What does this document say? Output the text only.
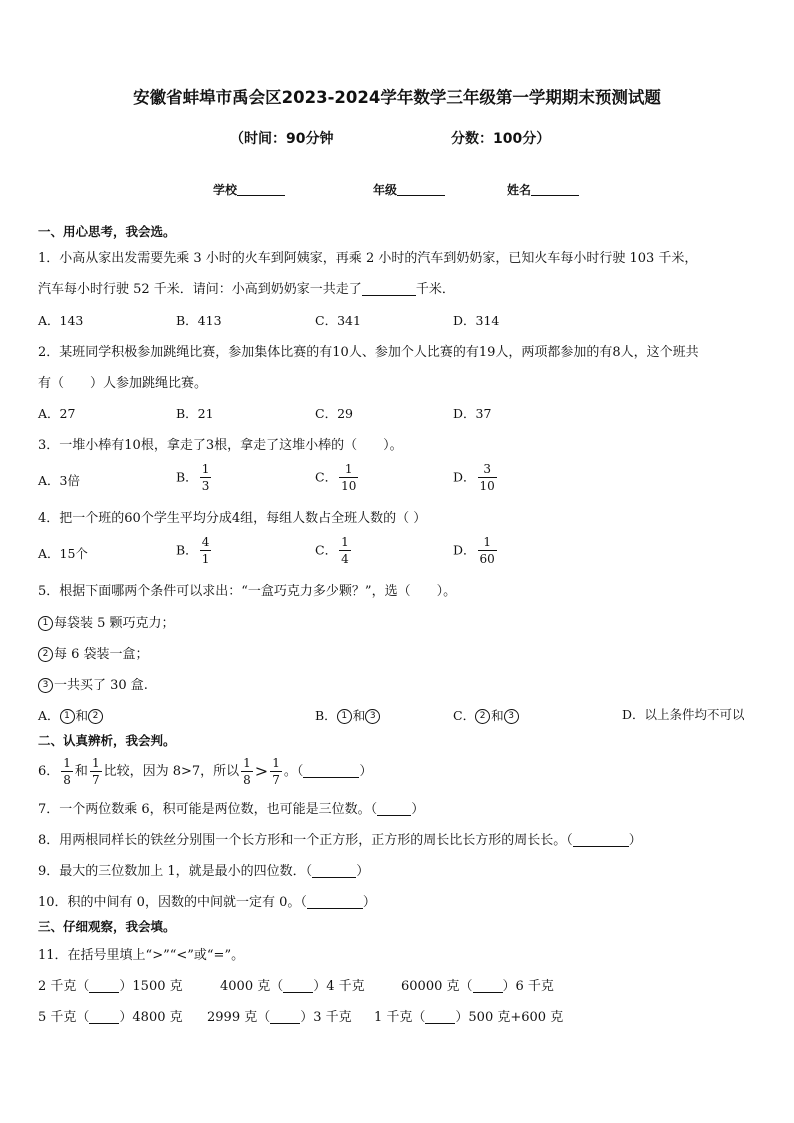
安徽省蚌埠市禹会区2023-2024学年数学三年级第一学期期末预测试题
（时间：90分钟	分数：100分）
学校	年级	姓名
一、用心思考，我会选。
1．小高从家出发需要先乘 3 小时的火车到阿姨家，再乘 2 小时的汽车到奶奶家，已知火车每小时行驶 103 千米，
汽车每小时行驶 52 千米．请问：小高到奶奶家一共走了	千米．
A．143	B．413	C．341	D．314
2．某班同学积极参加跳绳比赛，参加集体比赛的有10人、参加个人比赛的有19人，两项都参加的有8人，这个班共
有（　　）人参加跳绳比赛。
A．27	B．21	C．29	D．37
3．一堆小棒有10根，拿走了3根，拿走了这堆小棒的（　　）。
A．3倍	B． $\frac{1}{3}$	C． $\frac{1}{10}$	D． $\frac{3}{10}$
4．把一个班的60个学生平均分成4组，每组人数占全班人数的（ ）
A．15个	B． $\frac{4}{1}$	C． $\frac{1}{4}$	D． $\frac{1}{60}$
5．根据下面哪两个条件可以求出：“一盒巧克力多少颗？”，选（　　）。
1 每袋装 5 颗巧克力；
2 每 6 袋装一盒；
3 一共买了 30 盒.
A． 1 和 2	B． 1 和 3	C． 2 和 3	D．以上条件均不可以
二、认真辨析，我会判。
6． $\frac{1}{8}$ 和 $\frac{1}{7}$ 比较，因为 8>7，所以 $\frac{1}{8} > \frac{1}{7}$ 。（	）
7．一个两位数乘 6，积可能是两位数，也可能是三位数。（	）
8．用两根同样长的铁丝分别围一个长方形和一个正方形，正方形的周长比长方形的周长长。（	）
9．最大的三位数加上 1，就是最小的四位数．（	）
10．积的中间有 0，因数的中间就一定有 0。（	）
三、仔细观察，我会填。
11．在括号里填上“>”“<”或“=”。
2 千克（ ）1500 克	4000 克（ ）4 千克	60000 克（ ）6 千克
5 千克（ ）4800 克 2999 克（ ）3 千克 1 千克（ ）500 克+600 克
